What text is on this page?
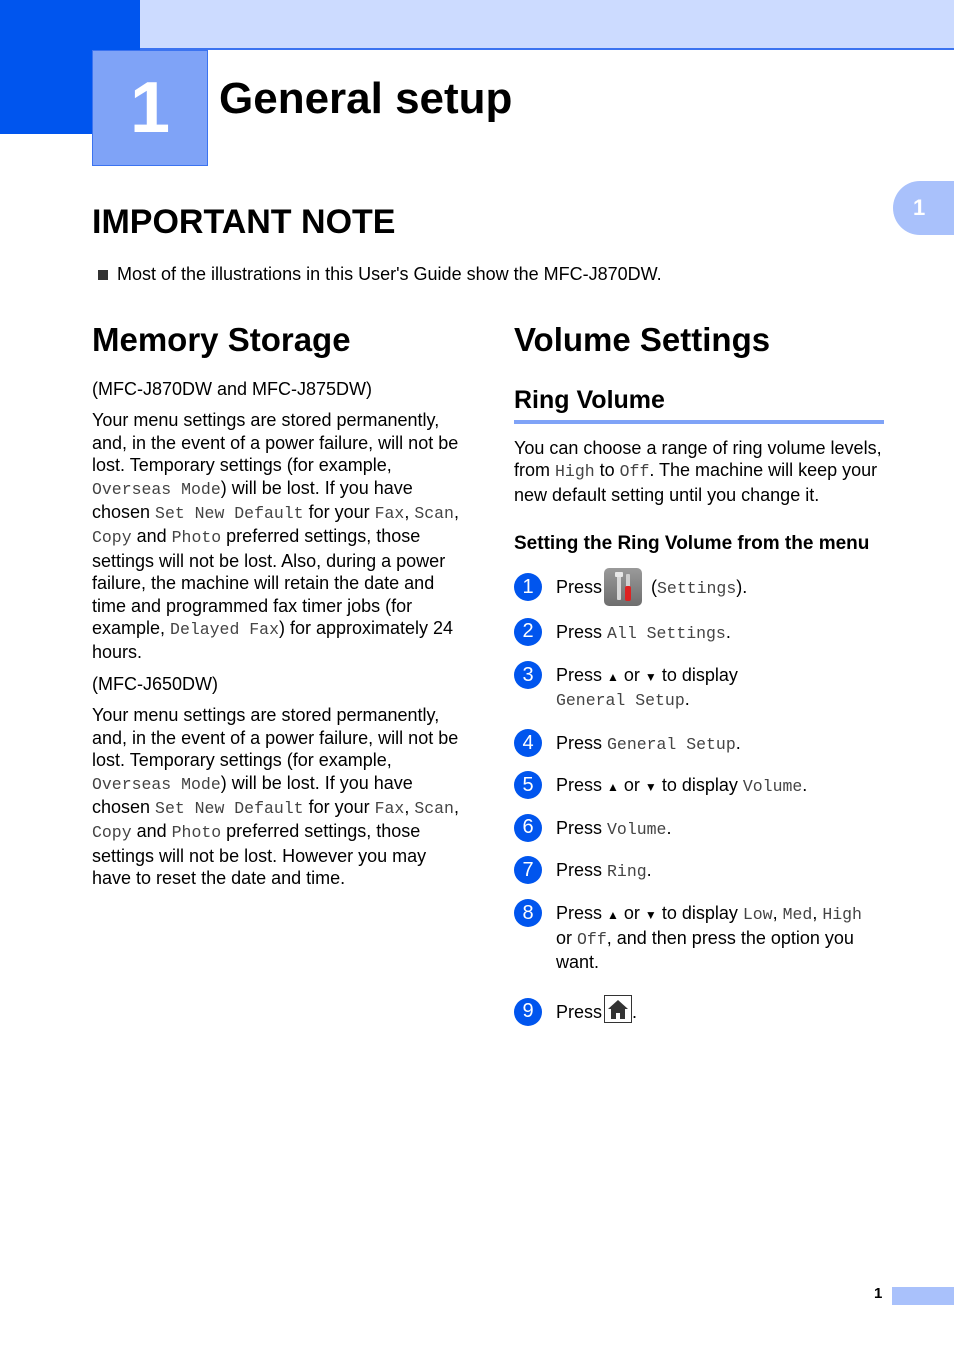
1 General setup
1
IMPORTANT NOTE
Most of the illustrations in this User's Guide show the MFC-J870DW.
Memory Storage

(MFC-J870DW and MFC-J875DW)

Your menu settings are stored permanently, and, in the event of a power failure, will not be lost. Temporary settings (for example, Overseas Mode) will be lost. If you have chosen Set New Default for your Fax, Scan, Copy and Photo preferred settings, those settings will not be lost. Also, during a power failure, the machine will retain the date and time and programmed fax timer jobs (for example, Delayed Fax) for approximately 24 hours.

(MFC-J650DW)

Your menu settings are stored permanently, and, in the event of a power failure, will not be lost. Temporary settings (for example, Overseas Mode) will be lost. If you have chosen Set New Default for your Fax, Scan, Copy and Photo preferred settings, those settings will not be lost. However you may have to reset the date and time.

Volume Settings
Ring Volume

You can choose a range of ring volume levels, from High to Off. The machine will keep your new default setting until you change it.

Setting the Ring Volume from the menu
1	Press (Settings).
2	Press All Settings.
3	Press ▲ or ▼ to display
General Setup.
4	Press General Setup.
5	Press ▲ or ▼ to display Volume.
6	Press Volume.
7	Press Ring.
8	Press ▲ or ▼ to display Low, Med, High
or Off, and then press the option you want.
9	Press .
1
